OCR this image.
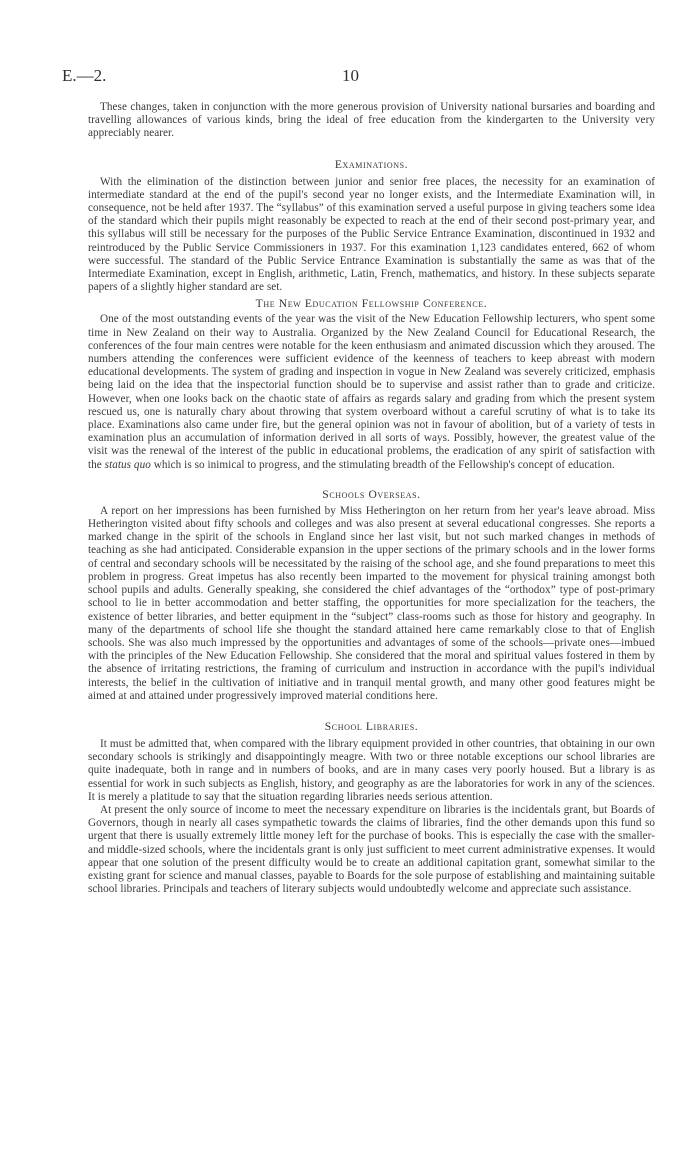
E.—2.	10

These changes, taken in conjunction with the more generous provision of University national bursaries and boarding and travelling allowances of various kinds, bring the ideal of free education from the kindergarten to the University very appreciably nearer.

Examinations.

With the elimination of the distinction between junior and senior free places, the necessity for an examination of intermediate standard at the end of the pupil's second year no longer exists, and the Intermediate Examination will, in consequence, not be held after 1937. The “syllabus” of this examination served a useful purpose in giving teachers some idea of the standard which their pupils might reasonably be expected to reach at the end of their second post-primary year, and this syllabus will still be necessary for the purposes of the Public Service Entrance Examination, discontinued in 1932 and reintroduced by the Public Service Commissioners in 1937. For this examination 1,123 candidates entered, 662 of whom were successful. The standard of the Public Service Entrance Examination is substantially the same as was that of the Intermediate Examination, except in English, arithmetic, Latin, French, mathematics, and history. In these subjects separate papers of a slightly higher standard are set.

The New Education Fellowship Conference.

One of the most outstanding events of the year was the visit of the New Education Fellowship lecturers, who spent some time in New Zealand on their way to Australia. Organized by the New Zealand Council for Educational Research, the conferences of the four main centres were notable for the keen enthusiasm and animated discussion which they aroused. The numbers attending the conferences were sufficient evidence of the keenness of teachers to keep abreast with modern educational developments. The system of grading and inspection in vogue in New Zealand was severely criticized, emphasis being laid on the idea that the inspectorial function should be to supervise and assist rather than to grade and criticize. However, when one looks back on the chaotic state of affairs as regards salary and grading from which the present system rescued us, one is naturally chary about throwing that system overboard without a careful scrutiny of what is to take its place. Examinations also came under fire, but the general opinion was not in favour of abolition, but of a variety of tests in examination plus an accumulation of information derived in all sorts of ways. Possibly, however, the greatest value of the visit was the renewal of the interest of the public in educational problems, the eradication of any spirit of satisfaction with the status quo which is so inimical to progress, and the stimulating breadth of the Fellowship's concept of education.

Schools Overseas.

A report on her impressions has been furnished by Miss Hetherington on her return from her year's leave abroad. Miss Hetherington visited about fifty schools and colleges and was also present at several educational congresses. She reports a marked change in the spirit of the schools in England since her last visit, but not such marked changes in methods of teaching as she had anticipated. Considerable expansion in the upper sections of the primary schools and in the lower forms of central and secondary schools will be necessitated by the raising of the school age, and she found preparations to meet this problem in progress. Great impetus has also recently been imparted to the movement for physical training amongst both school pupils and adults. Generally speaking, she considered the chief advantages of the “orthodox” type of post-primary school to lie in better accommodation and better staffing, the opportunities for more specialization for the teachers, the existence of better libraries, and better equipment in the “subject” class-rooms such as those for history and geography. In many of the departments of school life she thought the standard attained here came remarkably close to that of English schools. She was also much impressed by the opportunities and advantages of some of the schools—private ones—imbued with the principles of the New Education Fellowship. She considered that the moral and spiritual values fostered in them by the absence of irritating restrictions, the framing of curriculum and instruction in accordance with the pupil's individual interests, the belief in the cultivation of initiative and in tranquil mental growth, and many other good features might be aimed at and attained under progressively improved material conditions here.

School Libraries.

It must be admitted that, when compared with the library equipment provided in other countries, that obtaining in our own secondary schools is strikingly and disappointingly meagre. With two or three notable exceptions our school libraries are quite inadequate, both in range and in numbers of books, and are in many cases very poorly housed. But a library is as essential for work in such subjects as English, history, and geography as are the laboratories for work in any of the sciences. It is merely a platitude to say that the situation regarding libraries needs serious attention.

At present the only source of income to meet the necessary expenditure on libraries is the incidentals grant, but Boards of Governors, though in nearly all cases sympathetic towards the claims of libraries, find the other demands upon this fund so urgent that there is usually extremely little money left for the purchase of books. This is especially the case with the smaller- and middle-sized schools, where the incidentals grant is only just sufficient to meet current administrative expenses. It would appear that one solution of the present difficulty would be to create an additional capitation grant, somewhat similar to the existing grant for science and manual classes, payable to Boards for the sole purpose of establishing and maintaining suitable school libraries. Principals and teachers of literary subjects would undoubtedly welcome and appreciate such assistance.
